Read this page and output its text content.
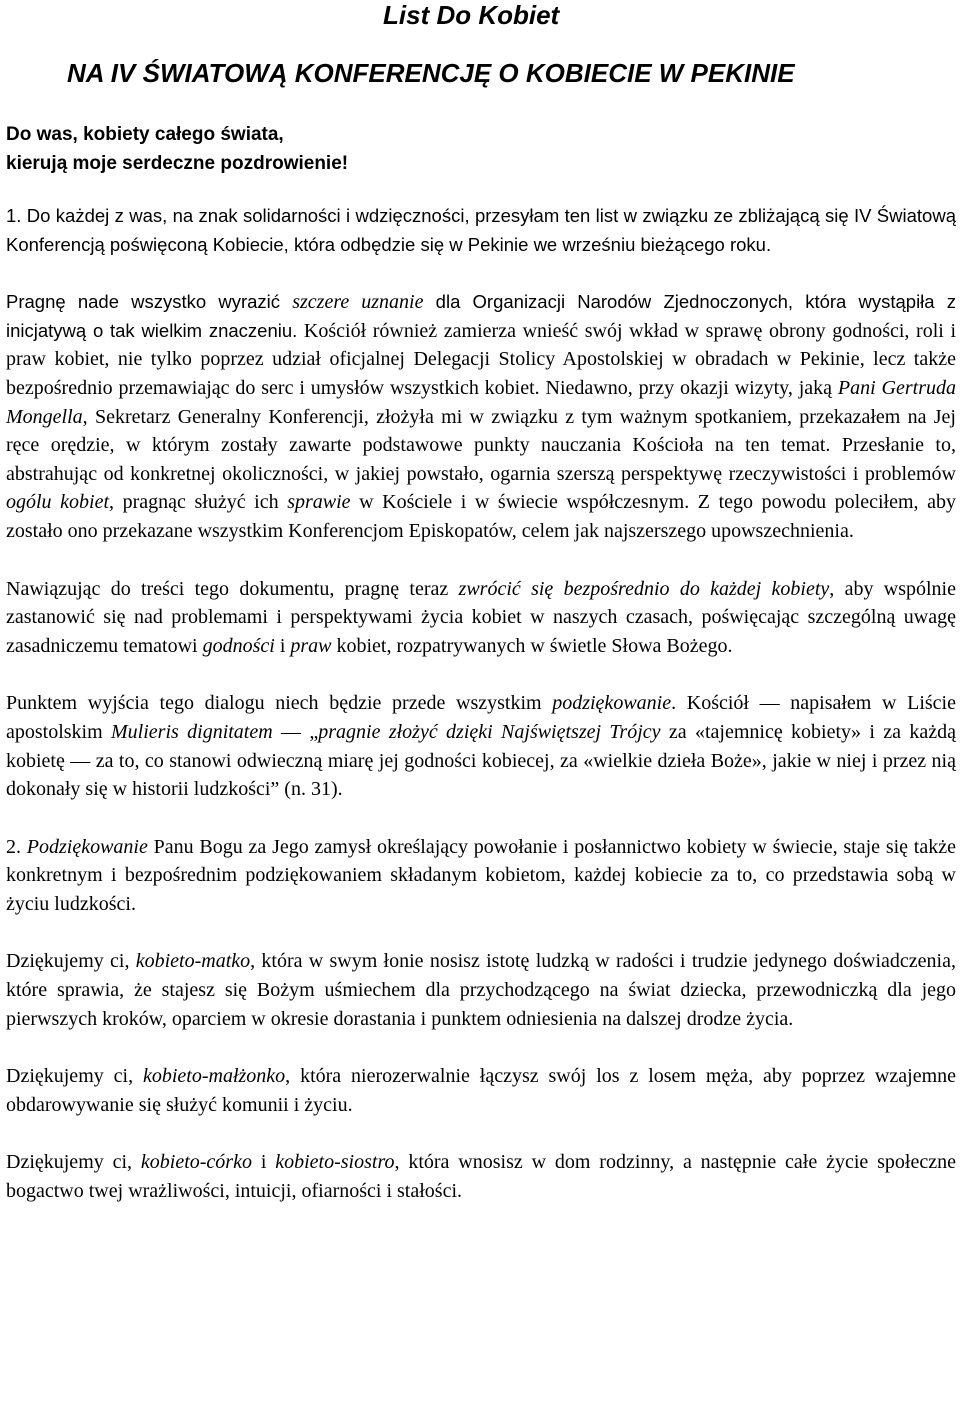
List Do Kobiet
NA IV ŚWIATOWĄ KONFERENCJĘ O KOBIECIE W PEKINIE
Do was, kobiety całego świata,
kierują moje serdeczne pozdrowienie!

1. Do każdej z was, na znak solidarności i wdzięczności, przesyłam ten list w związku ze zbliżającą się IV Światową Konferencją poświęconą Kobiecie, która odbędzie się w Pekinie we wrześniu bieżącego roku.

Pragnę nade wszystko wyrazić szczere uznanie dla Organizacji Narodów Zjednoczonych, która wystąpiła z inicjatywą o tak wielkim znaczeniu. Kościół również zamierza wnieść swój wkład w sprawę obrony godności, roli i praw kobiet, nie tylko poprzez udział oficjalnej Delegacji Stolicy Apostolskiej w obradach w Pekinie, lecz także bezpośrednio przemawiając do serc i umysłów wszystkich kobiet. Niedawno, przy okazji wizyty, jaką Pani Gertruda Mongella, Sekretarz Generalny Konferencji, złożyła mi w związku z tym ważnym spotkaniem, przekazałem na Jej ręce orędzie, w którym zostały zawarte podstawowe punkty nauczania Kościoła na ten temat. Przesłanie to, abstrahując od konkretnej okoliczności, w jakiej powstało, ogarnia szerszą perspektywę rzeczywistości i problemów ogólu kobiet, pragnąc służyć ich sprawie w Kościele i w świecie współczesnym. Z tego powodu poleciłem, aby zostało ono przekazane wszystkim Konferencjom Episkopatów, celem jak najszerszego upowszechnienia.

Nawiązując do treści tego dokumentu, pragnę teraz zwrócić się bezpośrednio do każdej kobiety, aby wspólnie zastanowić się nad problemami i perspektywami życia kobiet w naszych czasach, poświęcając szczególną uwagę zasadniczemu tematowi godności i praw kobiet, rozpatrywanych w świetle Słowa Bożego.

Punktem wyjścia tego dialogu niech będzie przede wszystkim podziękowanie. Kościół — napisałem w Liście apostolskim Mulieris dignitatem — „pragnie złożyć dzięki Najświętszej Trójcy za «tajemnicę kobiety» i za każdą kobietę — za to, co stanowi odwieczną miarę jej godności kobiecej, za «wielkie dzieła Boże», jakie w niej i przez nią dokonały się w historii ludzkości” (n. 31).

2. Podziękowanie Panu Bogu za Jego zamysł określający powołanie i posłannictwo kobiety w świecie, staje się także konkretnym i bezpośrednim podziękowaniem składanym kobietom, każdej kobiecie za to, co przedstawia sobą w życiu ludzkości.

Dziękujemy ci, kobieto-matko, która w swym łonie nosisz istotę ludzką w radości i trudzie jedynego doświadczenia, które sprawia, że stajesz się Bożym uśmiechem dla przychodzącego na świat dziecka, przewodniczką dla jego pierwszych kroków, oparciem w okresie dorastania i punktem odniesienia na dalszej drodze życia.

Dziękujemy ci, kobieto-małżonko, która nierozerwalnie łączysz swój los z losem męża, aby poprzez wzajemne obdarowywanie się służyć komunii i życiu.

Dziękujemy ci, kobieto-córko i kobieto-siostro, która wnosisz w dom rodzinny, a następnie całe życie społeczne bogactwo twej wrażliwości, intuicji, ofiarności i stałości.
